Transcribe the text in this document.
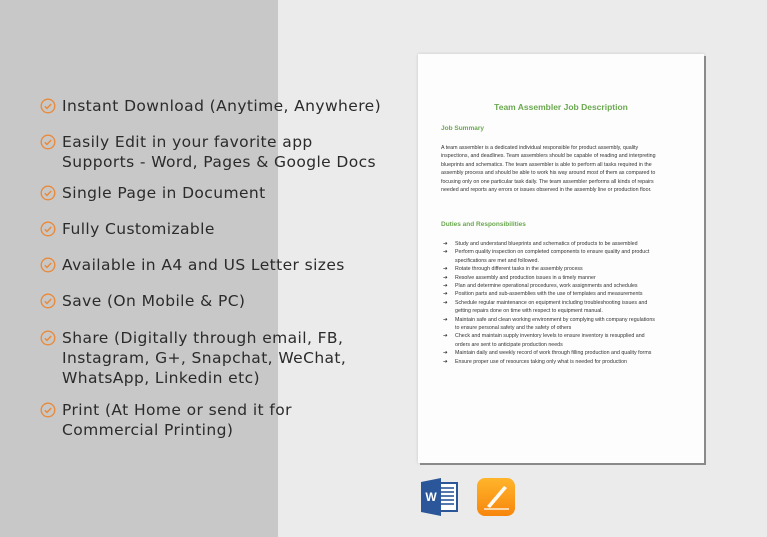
Instant Download (Anytime, Anywhere)
Easily Edit in your favorite app
Supports - Word, Pages & Google Docs
Single Page in Document
Fully Customizable
Available in A4 and US Letter sizes
Save (On Mobile & PC)
Share (Digitally through email, FB,
Instagram, G+, Snapchat, WeChat,
WhatsApp, Linkedin etc)
Print (At Home or send it for
Commercial Printing)
Team Assembler Job Description
Job Summary
A team assembler is a dedicated individual responsible for product assembly, quality
inspections, and deadlines. Team assemblers should be capable of reading and interpreting
blueprints and schematics. The team assembler is able to perform all tasks required in the
assembly process and should be able to work his way around most of them as compared to
focusing only on one particular task daily. The team assembler performs all kinds of repairs
needed and reports any errors or issues observed in the assembly line or production floor.
Duties and Responsibilities
➔	Study and understand blueprints and schematics of products to be assembled
➔	Perform quality inspection on completed components to ensure quality and product
specifications are met and followed.
➔	Rotate through different tasks in the assembly process
➔	Resolve assembly and production issues in a timely manner
➔	Plan and determine operational procedures, work assignments and schedules
➔	Position parts and sub-assemblies with the use of templates and measurements
➔	Schedule regular maintenance on equipment including troubleshooting issues and
getting repairs done on time with respect to equipment manual.
➔	Maintain safe and clean working environment by complying with company regulations
to ensure personal safety and the safety of others
➔	Check and maintain supply inventory levels to ensure inventory is resupplied and
orders are sent to anticipate production needs
➔	Maintain daily and weekly record of work through filling production and quality forms
➔	Ensure proper use of resources taking only what is needed for production
W
